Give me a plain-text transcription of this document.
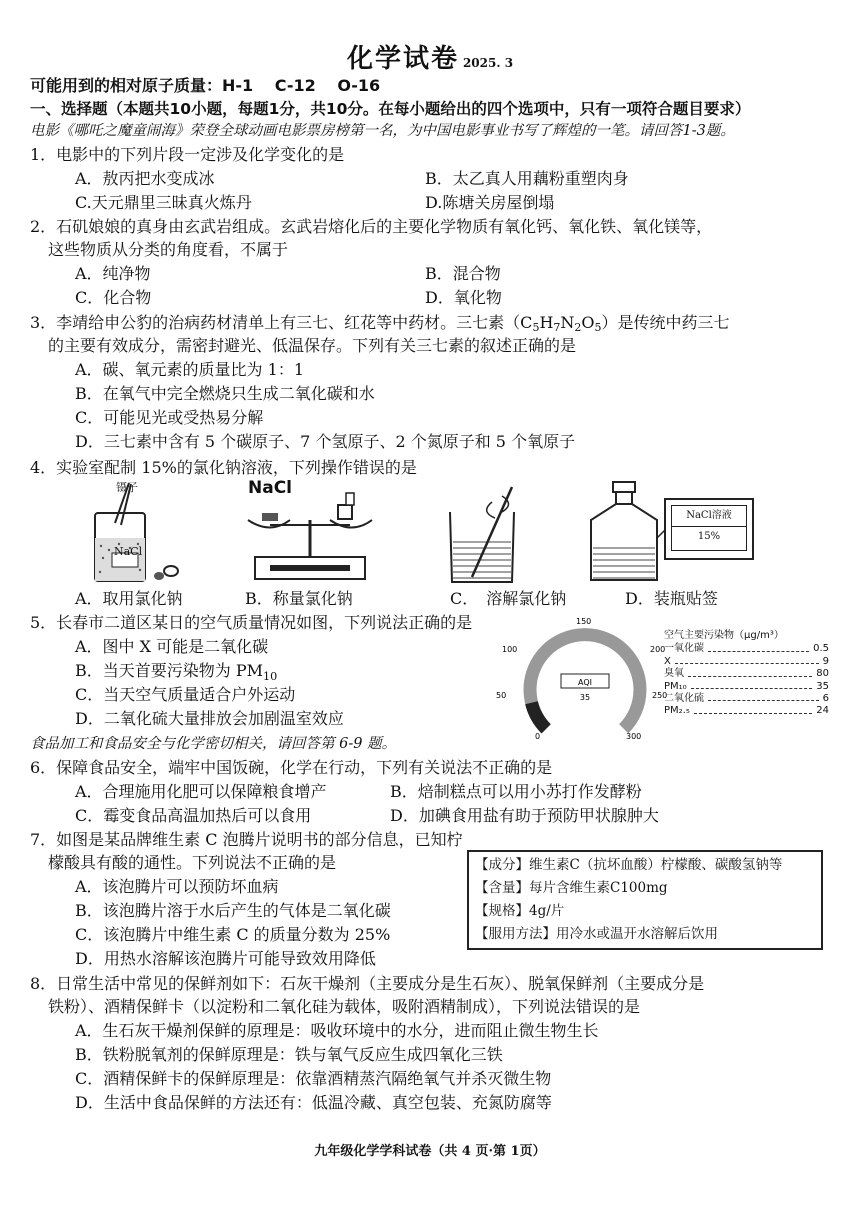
化学试卷 2025. 3
可能用到的相对原子质量：H-1　 C-12　 O-16
一、选择题（本题共10小题，每题1分，共10分。在每小题给出的四个选项中，只有一项符合题目要求）
电影《哪吒之魔童闹海》荣登全球动画电影票房榜第一名，为中国电影事业书写了辉煌的一笔。请回答1-3题。
1．电影中的下列片段一定涉及化学变化的是
A．敖丙把水变成冰	B．太乙真人用藕粉重塑肉身
C.天元鼎里三昧真火炼丹	D.陈塘关房屋倒塌
2．石矶娘娘的真身由玄武岩组成。玄武岩熔化后的主要化学物质有氧化钙、氧化铁、氧化镁等，
这些物质从分类的角度看，不属于
A．纯净物	B．混合物
C．化合物	D．氧化物
3．李靖给申公豹的治病药材清单上有三七、红花等中药材。三七素（C5H7N2O5）是传统中药三七
的主要有效成分，需密封避光、低温保存。下列有关三七素的叙述正确的是
A．碳、氧元素的质量比为 1：1
B．在氧气中完全燃烧只生成二氧化碳和水
C．可能见光或受热易分解
D．三七素中含有 5 个碳原子、7 个氢原子、2 个氮原子和 5 个氧原子
4．实验室配制 15%的氯化钠溶液，下列操作错误的是
镊子
NaCl
NaCl
NaCl溶液
15%
A．取用氯化钠	B．称量氯化钠	C．　溶解氯化钠	D．装瓶贴签
5．长春市二道区某日的空气质量情况如图，下列说法正确的是
A．图中 X 可能是二氧化碳
B．当天首要污染物为 $PM_{10}$
C．当天空气质量适合户外运动
D．二氧化硫大量排放会加剧温室效应
0
50
100
150
200
250
300
AQI
35
空气主要污染物（μg/m³）
一氧化碳	0.5
X	9
臭氧	80
PM₁₀	35
二氧化硫	6
PM₂.₅	24
食品加工和食品安全与化学密切相关，请回答第 6-9 题。
6．保障食品安全，端牢中国饭碗，化学在行动，下列有关说法不正确的是
A．合理施用化肥可以保障粮食增产	B．焙制糕点可以用小苏打作发酵粉
C．霉变食品高温加热后可以食用	D．加碘食用盐有助于预防甲状腺肿大
7．如图是某品牌维生素 C 泡腾片说明书的部分信息，已知柠
檬酸具有酸的通性。下列说法不正确的是
A．该泡腾片可以预防坏血病
B．该泡腾片溶于水后产生的气体是二氧化碳
C．该泡腾片中维生素 C 的质量分数为 25%
D．用热水溶解该泡腾片可能导致效用降低
【成分】维生素C（抗坏血酸）柠檬酸、碳酸氢钠等
【含量】每片含维生素C100mg
【规格】4g/片
【服用方法】用冷水或温开水溶解后饮用
8．日常生活中常见的保鲜剂如下：石灰干燥剂（主要成分是生石灰）、脱氧保鲜剂（主要成分是
铁粉）、酒精保鲜卡（以淀粉和二氧化硅为载体，吸附酒精制成），下列说法错误的是
A．生石灰干燥剂保鲜的原理是：吸收环境中的水分，进而阻止微生物生长
B．铁粉脱氧剂的保鲜原理是：铁与氧气反应生成四氧化三铁
C．酒精保鲜卡的保鲜原理是：依靠酒精蒸汽隔绝氧气并杀灭微生物
D．生活中食品保鲜的方法还有：低温冷藏、真空包装、充氮防腐等
九年级化学学科试卷（共 4 页·第 1页）
